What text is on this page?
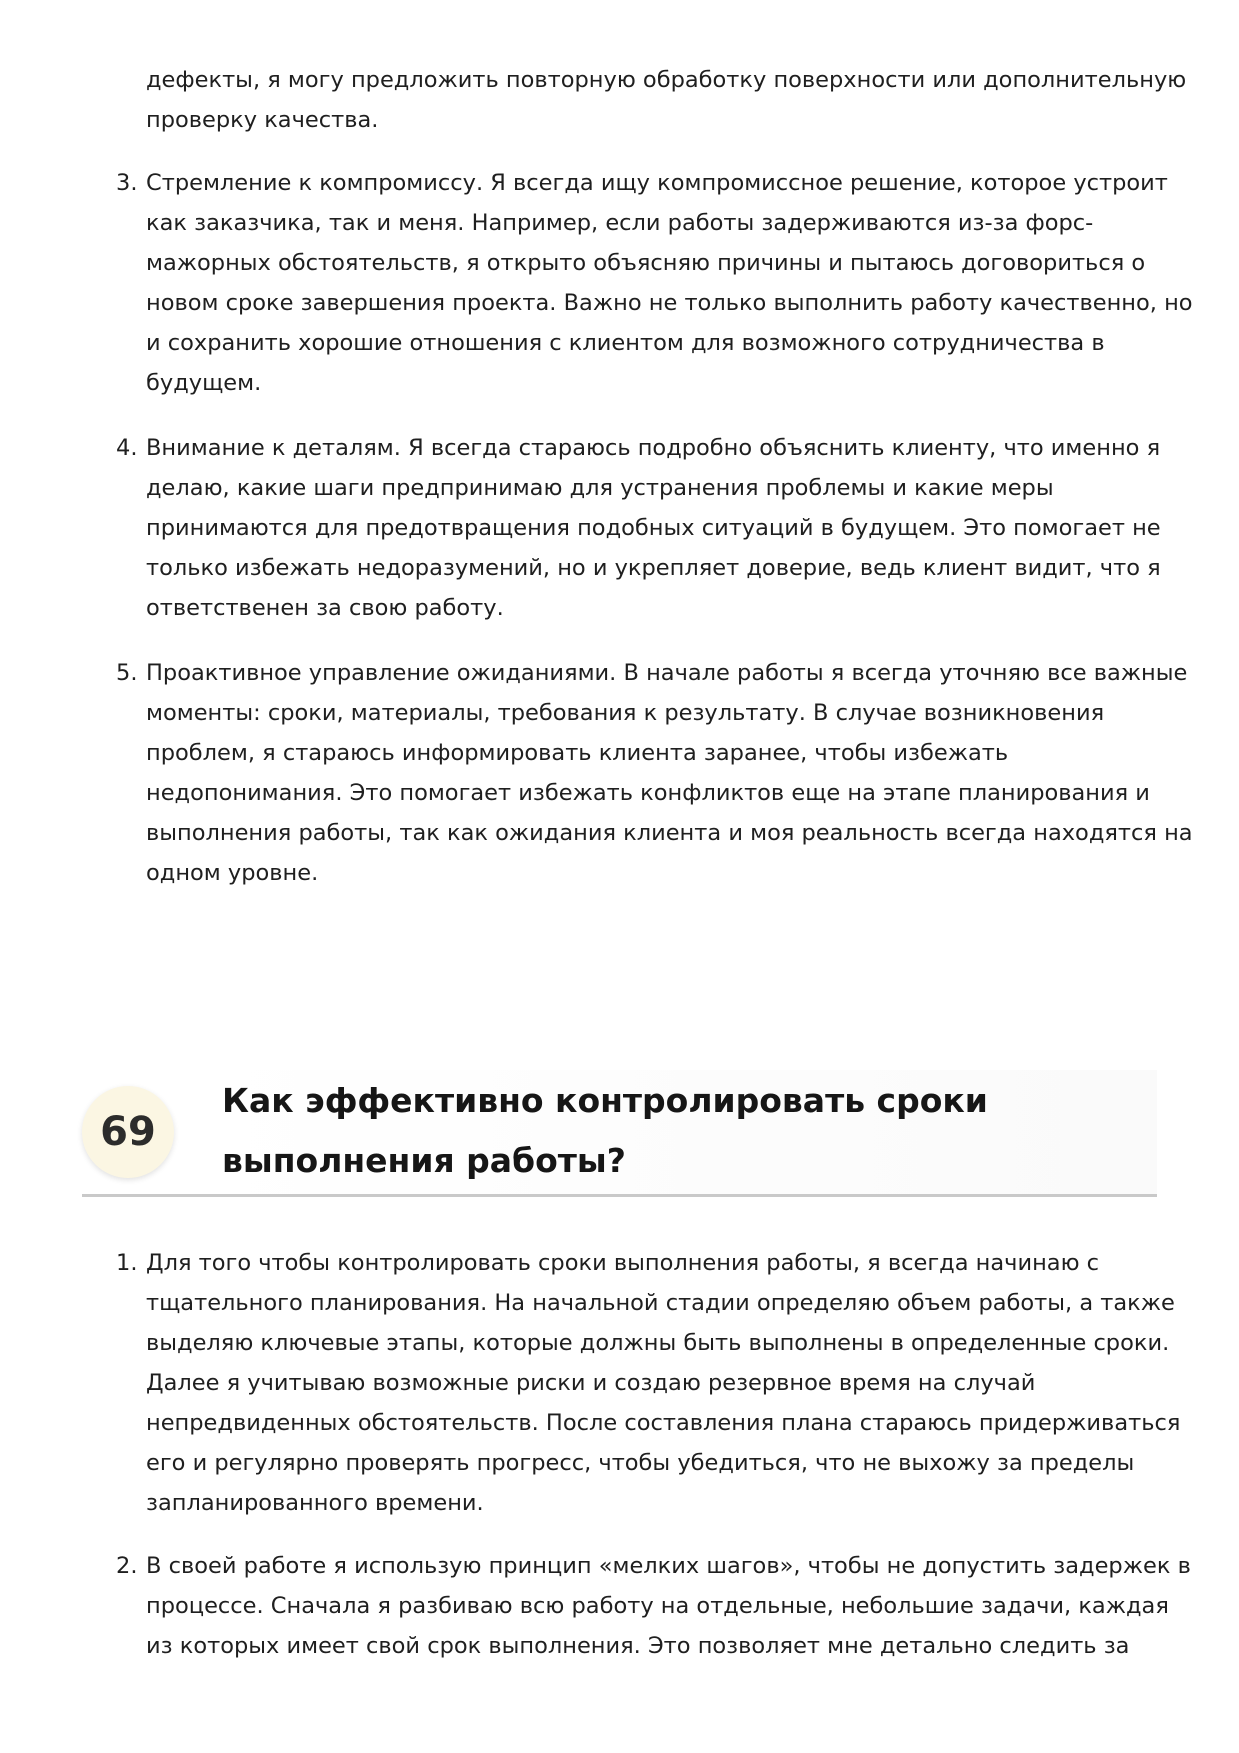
дефекты, я могу предложить повторную обработку поверхности или дополнительную
проверку качества.
3. Стремление к компромиссу. Я всегда ищу компромиссное решение, которое устроит
как заказчика, так и меня. Например, если работы задерживаются из-за форс-
мажорных обстоятельств, я открыто объясняю причины и пытаюсь договориться о
новом сроке завершения проекта. Важно не только выполнить работу качественно, но
и сохранить хорошие отношения с клиентом для возможного сотрудничества в
будущем.
4. Внимание к деталям. Я всегда стараюсь подробно объяснить клиенту, что именно я
делаю, какие шаги предпринимаю для устранения проблемы и какие меры
принимаются для предотвращения подобных ситуаций в будущем. Это помогает не
только избежать недоразумений, но и укрепляет доверие, ведь клиент видит, что я
ответственен за свою работу.
5. Проактивное управление ожиданиями. В начале работы я всегда уточняю все важные
моменты: сроки, материалы, требования к результату. В случае возникновения
проблем, я стараюсь информировать клиента заранее, чтобы избежать
недопонимания. Это помогает избежать конфликтов еще на этапе планирования и
выполнения работы, так как ожидания клиента и моя реальность всегда находятся на
одном уровне.
69
Как эффективно контролировать сроки
выполнения работы?
1. Для того чтобы контролировать сроки выполнения работы, я всегда начинаю с
тщательного планирования. На начальной стадии определяю объем работы, а также
выделяю ключевые этапы, которые должны быть выполнены в определенные сроки.
Далее я учитываю возможные риски и создаю резервное время на случай
непредвиденных обстоятельств. После составления плана стараюсь придерживаться
его и регулярно проверять прогресс, чтобы убедиться, что не выхожу за пределы
запланированного времени.
2. В своей работе я использую принцип «мелких шагов», чтобы не допустить задержек в
процессе. Сначала я разбиваю всю работу на отдельные, небольшие задачи, каждая
из которых имеет свой срок выполнения. Это позволяет мне детально следить за
